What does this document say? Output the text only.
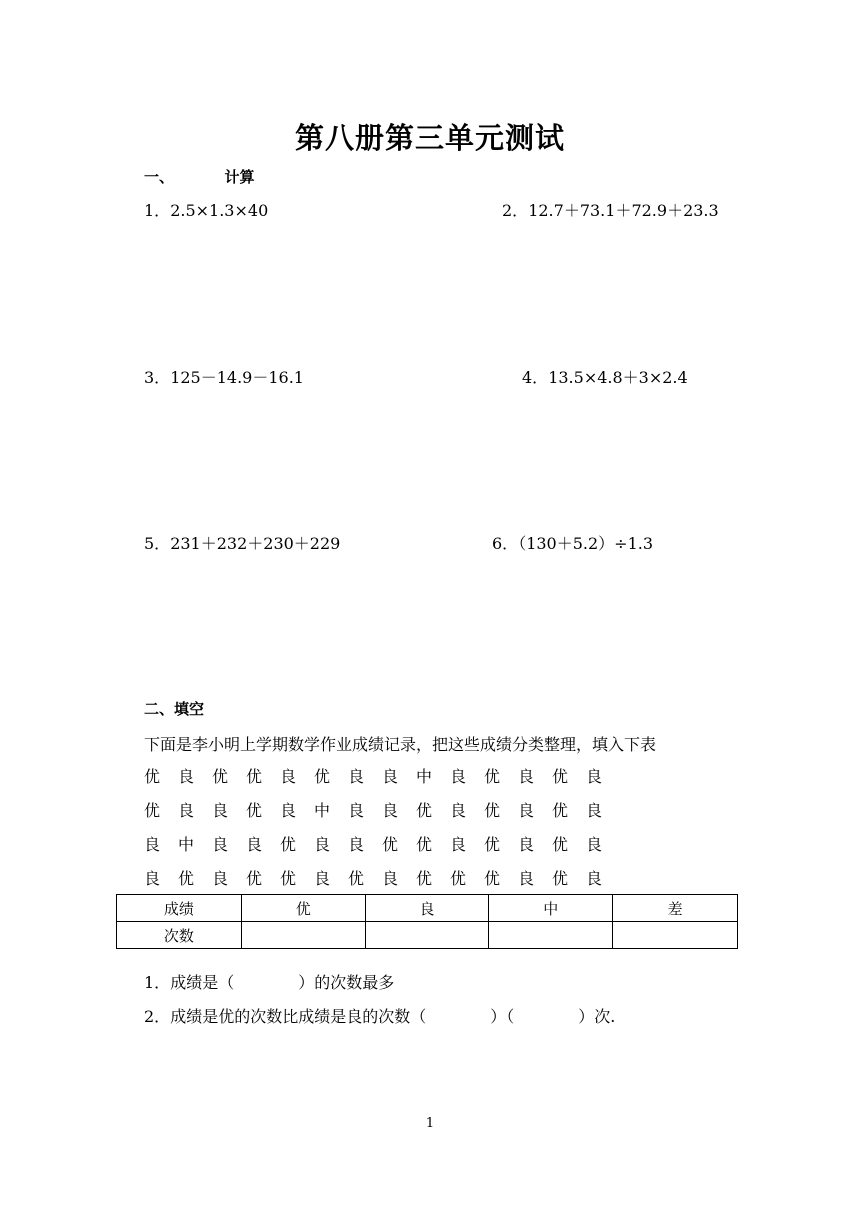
第八册第三单元测试
一、	计算
1．2.5×1.3×40	2．12.7＋73.1＋72.9＋23.3
3．125－14.9－16.1	4．13.5×4.8＋3×2.4
5．231＋232＋230＋229	6．（130＋5.2）÷1.3
二、填空
下面是李小明上学期数学作业成绩记录，把这些成绩分类整理，填入下表
优	良	优	优	良	优	良	良	中	良	优	良	优	良
优	良	良	优	良	中	良	良	优	良	优	良	优	良
良	中	良	良	优	良	良	优	优	良	优	良	优	良
良	优	良	优	优	良	优	良	优	优	优	良	优	良
成绩	优	良	中	差
次数				
1．成绩是（　　　　）的次数最多
2．成绩是优的次数比成绩是良的次数（　　　　）（　　　　）次.
1
